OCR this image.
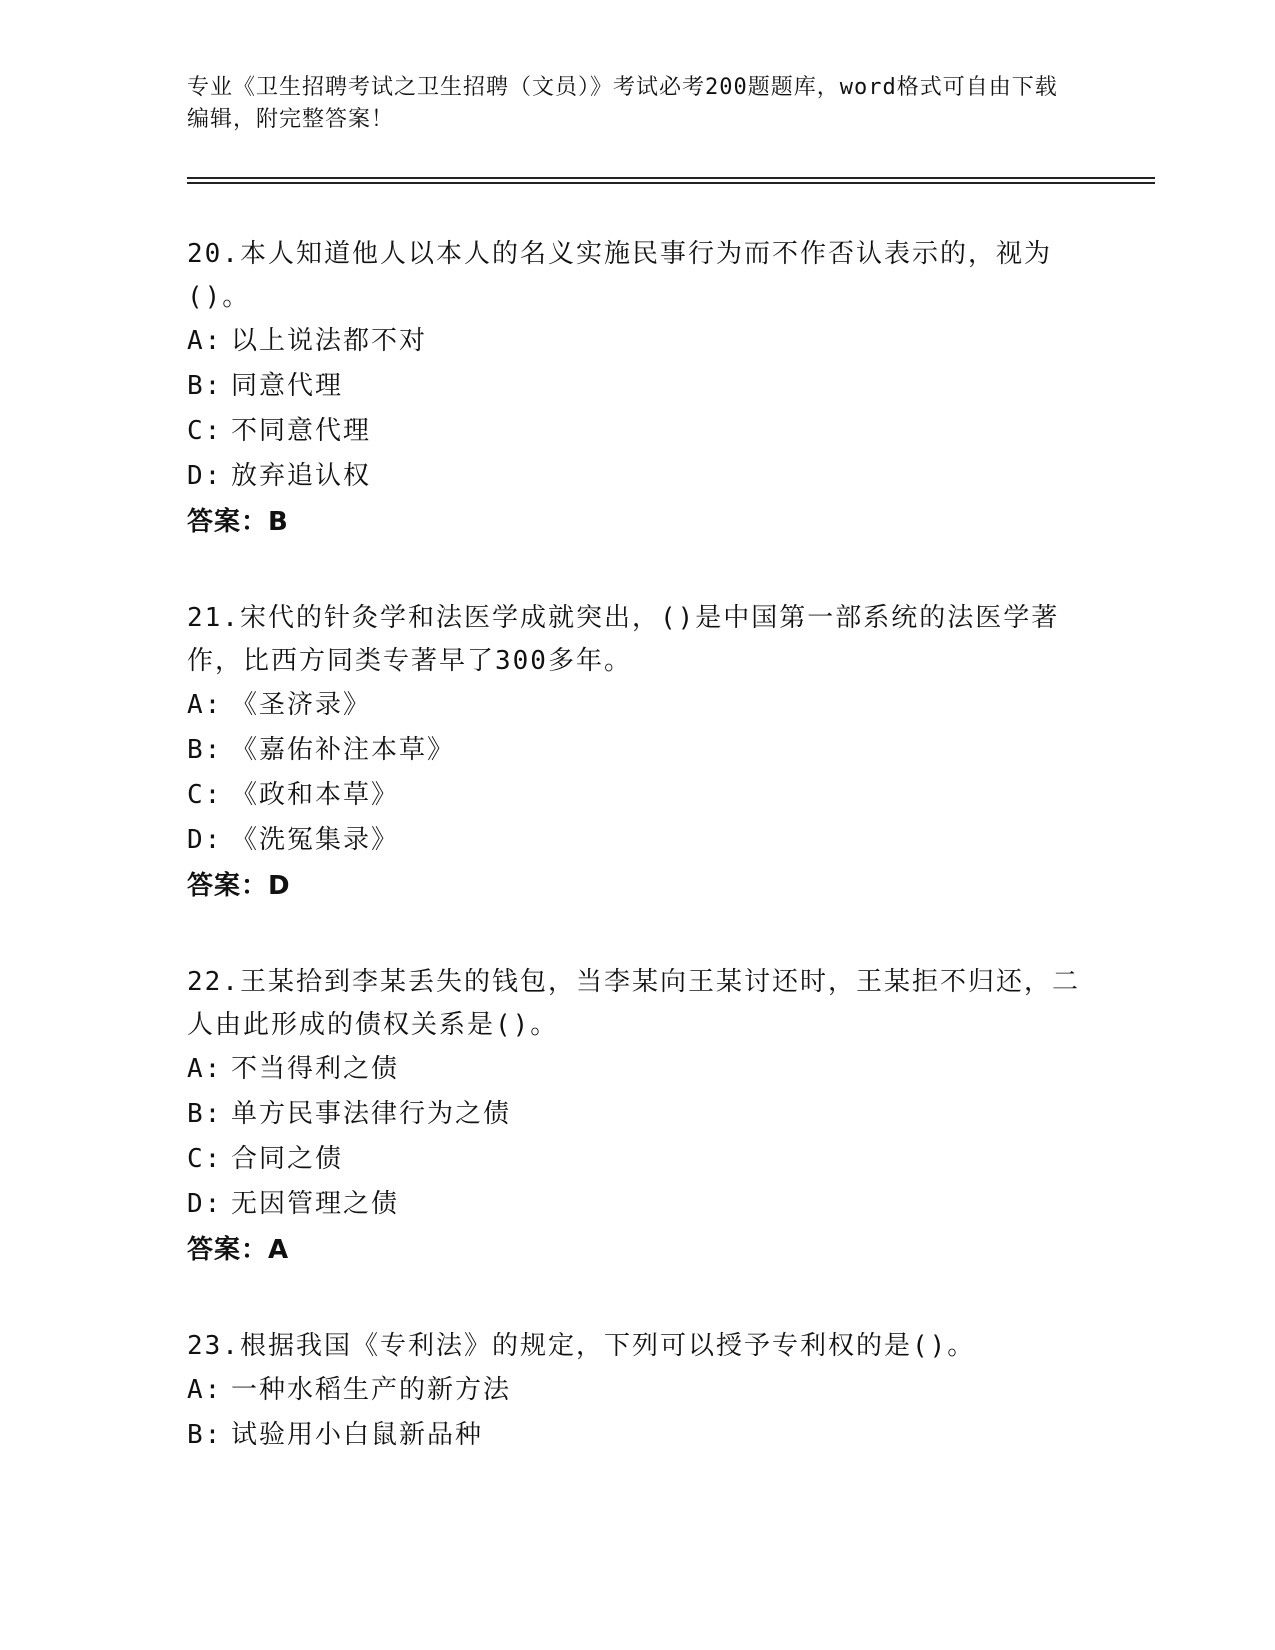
专业《卫生招聘考试之卫生招聘（文员）》考试必考200题题库，word格式可自由下载编辑，附完整答案！

20.本人知道他人以本人的名义实施民事行为而不作否认表示的，视为()。

A: 以上说法都不对

B: 同意代理

C: 不同意代理

D: 放弃追认权

答案：B

21.宋代的针灸学和法医学成就突出，()是中国第一部系统的法医学著作，比西方同类专著早了300多年。

A: 《圣济录》

B: 《嘉佑补注本草》

C: 《政和本草》

D: 《洗冤集录》

答案：D

22.王某拾到李某丢失的钱包，当李某向王某讨还时，王某拒不归还，二人由此形成的债权关系是()。

A: 不当得利之债

B: 单方民事法律行为之债

C: 合同之债

D: 无因管理之债

答案：A

23.根据我国《专利法》的规定，下列可以授予专利权的是()。

A: 一种水稻生产的新方法

B: 试验用小白鼠新品种
